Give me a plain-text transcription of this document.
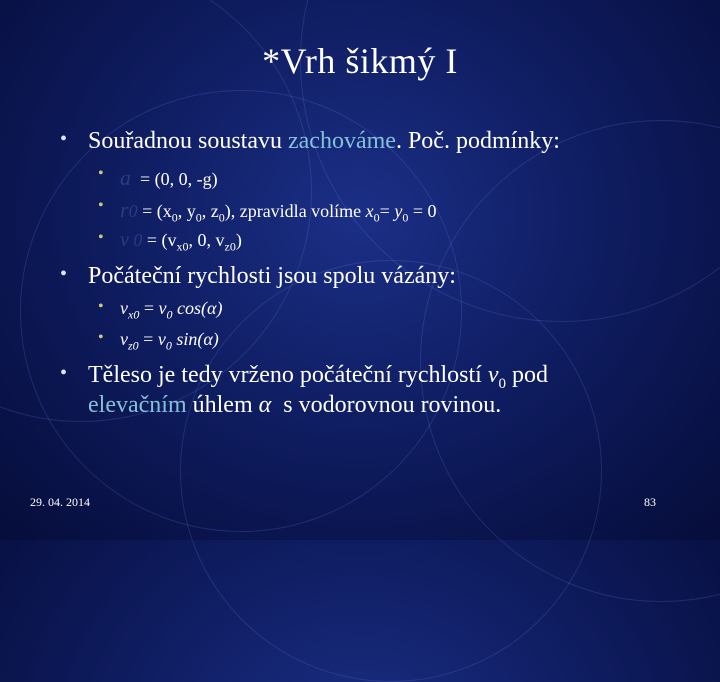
*Vrh šikmý I
• Souřadnou soustavu zachováme. Poč. podmínky:
• a = (0, 0, -g)
• $r0 = (x_0$, $y_0$, $z_0$), zpravidla volíme $x_0= y_0 = 0$
• v $0 = (v_{x0}$, 0, $v_{z0}$)
• Počáteční rychlosti jsou spolu vázány:
• $v_{x0} = v_0$ cos(α)
• $v_{z0} = v_0$ sin(α)
• Těleso je tedy vrženo počáteční rychlostí $v_0$ pod
elevačním úhlem α  s vodorovnou rovinou.
29. 04. 2014	83
